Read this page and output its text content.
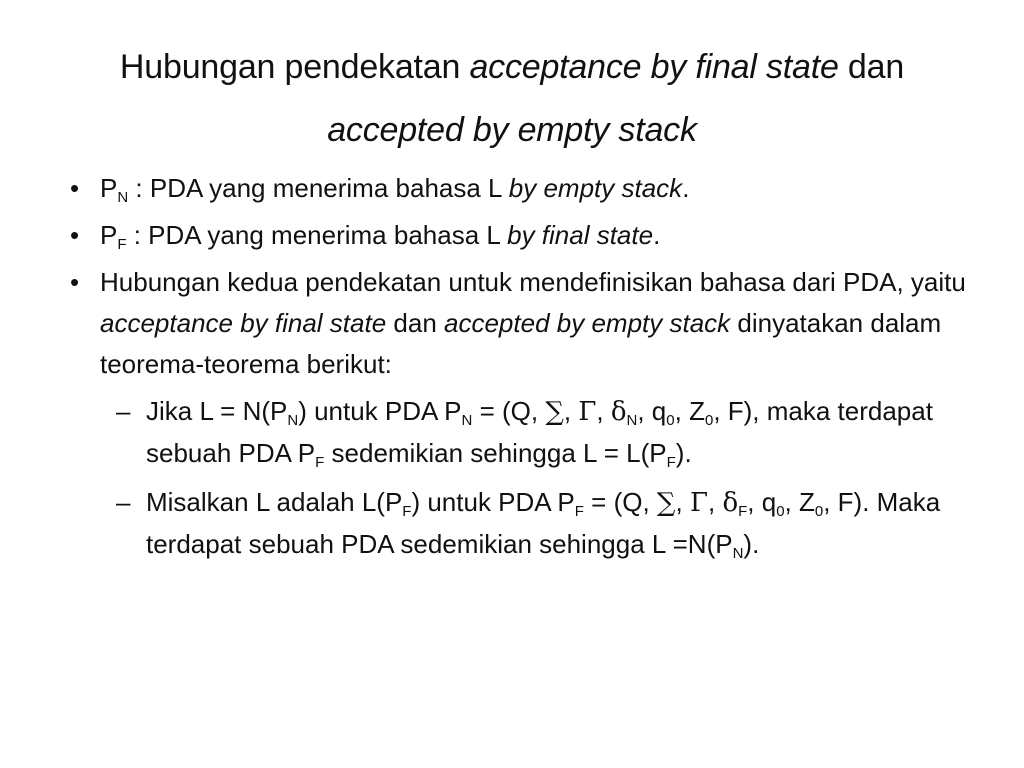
Hubungan pendekatan acceptance by final state dan
accepted by empty stack
• $P_N$ : PDA yang menerima bahasa L by empty stack.
• $P_F$ : PDA yang menerima bahasa L by final state.
• Hubungan kedua pendekatan untuk mendefinisikan bahasa dari PDA, yaitu acceptance by final state dan accepted by empty stack dinyatakan dalam teorema-teorema berikut:
– Jika $L = N(P_N)$ untuk PDA $P_N = (Q$, ∑, Γ, $\delta_N$, $q_0$, $Z_0$, F), maka terdapat sebuah PDA $P_F$ sedemikian sehingga $L = L(P_F)$.
– Misalkan L adalah $L(P_F)$ untuk PDA $P_F = (Q$, ∑, Γ, $\delta_F$, $q_0$, $Z_0$, F). Maka terdapat sebuah PDA sedemikian sehingga $L =N(P_N)$.
